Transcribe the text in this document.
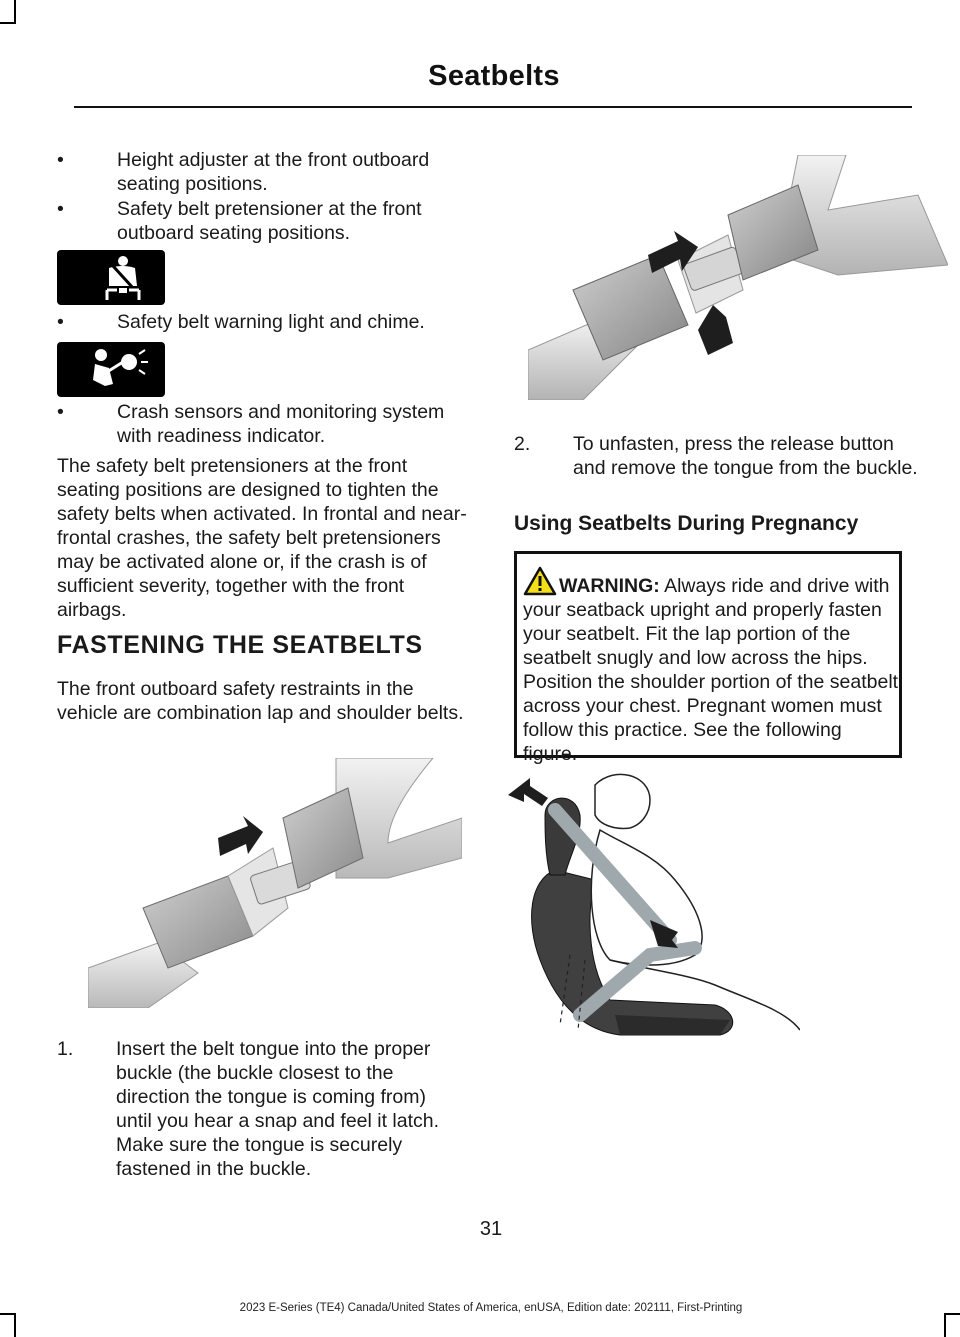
Seatbelts
•	Height adjuster at the front outboard seating positions.
•	Safety belt pretensioner at the front outboard seating positions.
•	Safety belt warning light and chime.
•	Crash sensors and monitoring system with readiness indicator.
The safety belt pretensioners at the front seating positions are designed to tighten the safety belts when activated. In frontal and near-frontal crashes, the safety belt pretensioners may be activated alone or, if the crash is of sufficient severity, together with the front airbags.
FASTENING THE SEATBELTS
The front outboard safety restraints in the vehicle are combination lap and shoulder belts.
1. Insert the belt tongue into the proper buckle (the buckle closest to the direction the tongue is coming from) until you hear a snap and feel it latch. Make sure the tongue is securely fastened in the buckle.
2. To unfasten, press the release button and remove the tongue from the buckle.
Using Seatbelts During Pregnancy
WARNING: Always ride and drive with your seatback upright and properly fasten your seatbelt. Fit the lap portion of the seatbelt snugly and low across the hips. Position the shoulder portion of the seatbelt across your chest. Pregnant women must follow this practice. See the following figure.
31
2023 E-Series (TE4) Canada/United States of America, enUSA, Edition date: 202111, First-Printing
